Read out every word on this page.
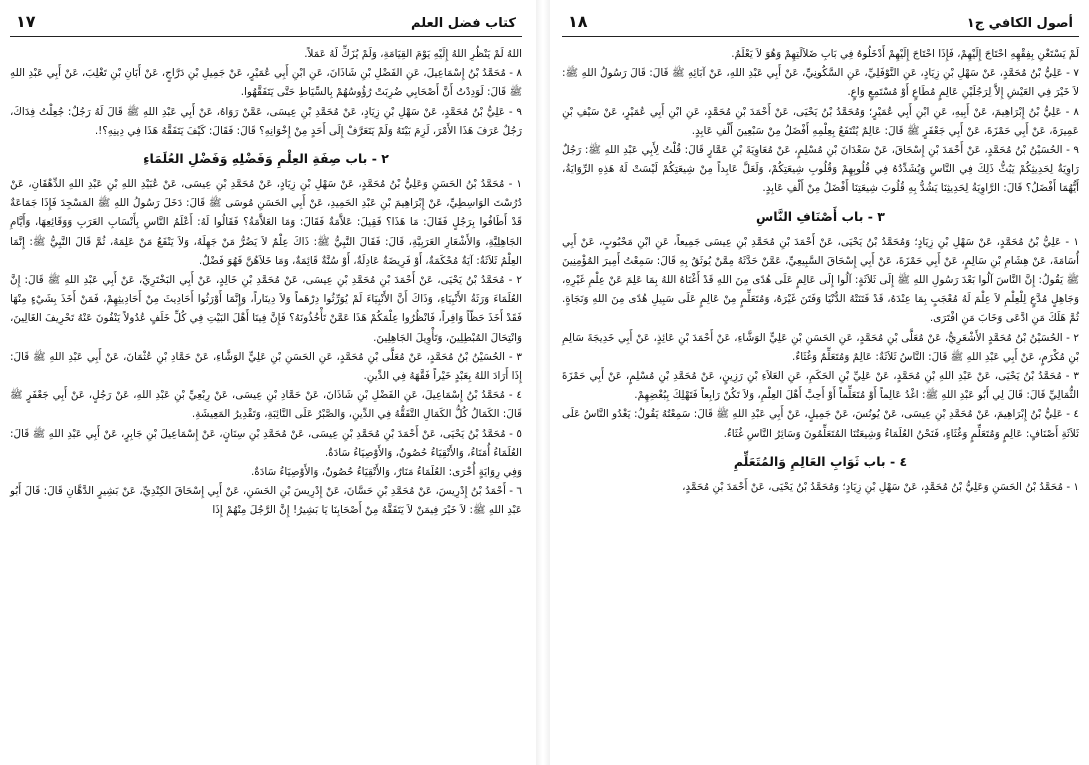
كتاب فضل العلم
١٧

اللهُ لَمْ يَنْظُرِ اللهُ إِلَيْهِ يَوْمَ القِيَامَةِ، وَلَمْ يُزَكِّ لَهُ عَمَلاً.

٨ - مُحَمَّدُ بْنُ إِسْمَاعِيلَ، عَنِ الفَضْلِ بْنِ شَاذَانَ، عَنِ ابْنِ أَبِي عُمَيْرٍ، عَنْ جَمِيلِ بْنِ دَرَّاجٍ، عَنْ أَبَانِ بْنِ تَغْلِبَ، عَنْ أَبِي عَبْدِ اللهِ ﷺ قَالَ: لَوَدِدْتُ أَنَّ أَصْحَابِي ضُرِبَتْ رُؤُوسُهُمْ بِالسِّيَاطِ حَتَّى يَتَفَقَّهُوا.

٩ - عَلِيُّ بْنُ مُحَمَّدٍ، عَنْ سَهْلِ بْنِ زِيَادٍ، عَنْ مُحَمَّدِ بْنِ عِيسَى، عَمَّنْ رَوَاهُ، عَنْ أَبِي عَبْدِ اللهِ ﷺ قَالَ لَهُ رَجُلٌ: جُعِلْتُ فِدَاكَ، رَجُلٌ عَرَفَ هَذَا الأَمْرَ، لَزِمَ بَيْتَهُ وَلَمْ يَتَعَرَّفْ إِلَى أَحَدٍ مِنْ إِخْوَانِهِ؟ قَالَ: فَقَالَ: كَيْفَ يَتَفَقَّهُ هَذَا فِي دِينِهِ؟!.

٢ - باب صِفَةِ العِلْمِ وَفَضْلِهِ وَفَضْلِ العُلَمَاءِ

١ - مُحَمَّدُ بْنُ الحَسَنِ وَعَلِيُّ بْنُ مُحَمَّدٍ، عَنْ سَهْلِ بْنِ زِيَادٍ، عَنْ مُحَمَّدِ بْنِ عِيسَى، عَنْ عُبَيْدِ اللهِ بْنِ عَبْدِ اللهِ الدِّهْقَانِ، عَنْ دُرُسْتَ الوَاسِطِيِّ، عَنْ إِبْرَاهِيمَ بْنِ عَبْدِ الحَمِيدِ، عَنْ أَبِي الحَسَنِ مُوسَى ﷺ قَالَ: دَخَلَ رَسُولُ اللهِ ﷺ المَسْجِدَ فَإِذَا جَمَاعَةٌ قَدْ أَطَافُوا بِرَجُلٍ فَقَالَ: مَا هَذَا؟ فَقِيلَ: عَلاَّمَةٌ فَقَالَ: وَمَا العَلاَّمَةُ؟ فَقَالُوا لَهُ: أَعْلَمُ النَّاسِ بِأَنْسَابِ العَرَبِ وَوَقَائِعِهَا، وَأَيَّامِ الجَاهِلِيَّةِ، وَالأَشْعَارِ العَرَبِيَّةِ، قَالَ: فَقَالَ النَّبِيُّ ﷺ: ذَاكَ عِلْمٌ لاَ يَضُرُّ مَنْ جَهِلَهُ، وَلاَ يَنْفَعُ مَنْ عَلِمَهُ، ثُمَّ قَالَ النَّبِيُّ ﷺ: إِنَّمَا العِلْمُ ثَلاَثَةٌ: آيَةٌ مُحْكَمَةٌ، أَوْ فَرِيضَةٌ عَادِلَةٌ، أَوْ سُنَّةٌ قَائِمَةٌ، وَمَا خَلاَهُنَّ فَهُوَ فَضْلٌ.

٢ - مُحَمَّدُ بْنُ يَحْيَى، عَنْ أَحْمَدَ بْنِ مُحَمَّدِ بْنِ عِيسَى، عَنْ مُحَمَّدِ بْنِ خَالِدٍ، عَنْ أَبِي البَخْتَرِيِّ، عَنْ أَبِي عَبْدِ اللهِ ﷺ قَالَ: إِنَّ العُلَمَاءَ وَرَثَةُ الأَنْبِيَاءِ، وَذَاكَ أَنَّ الأَنْبِيَاءَ لَمْ يُوَرِّثُوا دِرْهَماً وَلاَ دِينَاراً، وَإِنَّمَا أَوْرَثُوا أَحَادِيثَ مِنْ أَحَادِيثِهِمْ، فَمَنْ أَخَذَ بِشَيْءٍ مِنْهَا فَقَدْ أَخَذَ حَظّاً وَافِراً، فَانْظُرُوا عِلْمَكُمْ هَذَا عَمَّنْ تَأْخُذُونَهُ؟ فَإِنَّ فِينَا أَهْلَ البَيْتِ فِي كُلِّ خَلَفٍ عُدُولاً يَنْفُونَ عَنْهُ تَحْرِيفَ الغَالِينَ، وَانْتِحَالَ المُبْطِلِينَ، وَتَأْوِيلَ الجَاهِلِينَ.

٣ - الحُسَيْنُ بْنُ مُحَمَّدٍ، عَنْ مُعَلَّى بْنِ مُحَمَّدٍ، عَنِ الحَسَنِ بْنِ عَلِيٍّ الوَشَّاءِ، عَنْ حَمَّادِ بْنِ عُثْمَانَ، عَنْ أَبِي عَبْدِ اللهِ ﷺ قَالَ: إِذَا أَرَادَ اللهُ بِعَبْدٍ خَيْراً فَقَّهَهُ فِي الدِّينِ.

٤ - مُحَمَّدُ بْنُ إِسْمَاعِيلَ، عَنِ الفَضْلِ بْنِ شَاذَانَ، عَنْ حَمَّادِ بْنِ عِيسَى، عَنْ رِبْعِيِّ بْنِ عَبْدِ اللهِ، عَنْ رَجُلٍ، عَنْ أَبِي جَعْفَرٍ ﷺ قَالَ: الكَمَالُ كُلُّ الكَمَالِ التَّفَقُّهُ فِي الدِّينِ، وَالصَّبْرُ عَلَى النَّائِبَةِ، وَتَقْدِيرُ المَعِيشَةِ.

٥ - مُحَمَّدُ بْنُ يَحْيَى، عَنْ أَحْمَدَ بْنِ مُحَمَّدِ بْنِ عِيسَى، عَنْ مُحَمَّدِ بْنِ سِنَانٍ، عَنْ إِسْمَاعِيلَ بْنِ جَابِرٍ، عَنْ أَبِي عَبْدِ اللهِ ﷺ قَالَ: العُلَمَاءُ أُمَنَاءُ، وَالأَتْقِيَاءُ حُصُونٌ، وَالأَوْصِيَاءُ سَادَةٌ.

وَفِي رِوَايَةٍ أُخْرَى: العُلَمَاءُ مَنَارٌ، وَالأَتْقِيَاءُ حُصُونٌ، وَالأَوْصِيَاءُ سَادَةٌ.

٦ - أَحْمَدُ بْنُ إِدْرِيسَ، عَنْ مُحَمَّدِ بْنِ حَسَّانَ، عَنْ إِدْرِيسَ بْنِ الحَسَنِ، عَنْ أَبِي إِسْحَاقَ الكِنْدِيِّ، عَنْ بَشِيرٍ الدَّهَّانِ قَالَ: قَالَ أَبُو عَبْدِ اللهِ ﷺ: لاَ خَيْرَ فِيمَنْ لاَ يَتَفَقَّهُ مِنْ أَصْحَابِنَا يَا بَشِيرُ! إِنَّ الرَّجُلَ مِنْهُمْ إِذَا

أصول الكافي ج١
١٨

لَمْ يَسْتَغْنِ بِفِقْهِهِ احْتَاجَ إِلَيْهِمْ، فَإِذَا احْتَاجَ إِلَيْهِمْ أَدْخَلُوهُ فِي بَابِ ضَلاَلَتِهِمْ وَهُوَ لاَ يَعْلَمُ.

٧ - عَلِيُّ بْنُ مُحَمَّدٍ، عَنْ سَهْلِ بْنِ زِيَادٍ، عَنِ النَّوْفَلِيِّ، عَنِ السَّكُونِيِّ، عَنْ أَبِي عَبْدِ اللهِ، عَنْ آبَائِهِ ﷺ قَالَ: قَالَ رَسُولُ اللهِ ﷺ: لاَ خَيْرَ فِي العَيْشِ إِلاَّ لِرَجُلَيْنِ عَالِمٍ مُطَاعٍ أَوْ مُسْتَمِعٍ وَاعٍ.

٨ - عَلِيُّ بْنُ إِبْرَاهِيمَ، عَنْ أَبِيهِ، عَنِ ابْنِ أَبِي عُمَيْرٍ؛ وَمُحَمَّدُ بْنُ يَحْيَى، عَنْ أَحْمَدَ بْنِ مُحَمَّدٍ، عَنِ ابْنِ أَبِي عُمَيْرٍ، عَنْ سَيْفِ بْنِ عَمِيرَةَ، عَنْ أَبِي حَمْزَةَ، عَنْ أَبِي جَعْفَرٍ ﷺ قَالَ: عَالِمٌ يُنْتَفَعُ بِعِلْمِهِ أَفْضَلُ مِنْ سَبْعِينَ أَلْفِ عَابِدٍ.

٩ - الحُسَيْنُ بْنُ مُحَمَّدٍ، عَنْ أَحْمَدَ بْنِ إِسْحَاقَ، عَنْ سَعْدَانَ بْنِ مُسْلِمٍ، عَنْ مُعَاوِيَةَ بْنِ عَمَّارٍ قَالَ: قُلْتُ لِأَبِي عَبْدِ اللهِ ﷺ: رَجُلٌ رَاوِيَةٌ لِحَدِيثِكُمْ يَبُثُّ ذَلِكَ فِي النَّاسِ وَيُشَدِّدُهُ فِي قُلُوبِهِمْ وَقُلُوبِ شِيعَتِكُمْ، وَلَعَلَّ عَابِداً مِنْ شِيعَتِكُمْ لَيْسَتْ لَهُ هَذِهِ الرِّوَايَةُ، أَيُّهُمَا أَفْضَلُ؟ قَالَ: الرَّاوِيَةُ لِحَدِيثِنَا يَشُدُّ بِهِ قُلُوبَ شِيعَتِنَا أَفْضَلُ مِنْ أَلْفِ عَابِدٍ.

٣ - باب أَصْنَافِ النَّاسِ

١ - عَلِيُّ بْنُ مُحَمَّدٍ، عَنْ سَهْلِ بْنِ زِيَادٍ؛ وَمُحَمَّدُ بْنُ يَحْيَى، عَنْ أَحْمَدَ بْنِ مُحَمَّدِ بْنِ عِيسَى جَمِيعاً، عَنِ ابْنِ مَحْبُوبٍ، عَنْ أَبِي أُسَامَةَ، عَنْ هِشَامِ بْنِ سَالِمٍ، عَنْ أَبِي حَمْزَةَ، عَنْ أَبِي إِسْحَاقَ السَّبِيعِيِّ، عَمَّنْ حَدَّثَهُ مِمَّنْ يُوثَقُ بِهِ قَالَ: سَمِعْتُ أَمِيرَ المُؤْمِنِينَ ﷺ يَقُولُ: إِنَّ النَّاسَ آلُوا بَعْدَ رَسُولِ اللهِ ﷺ إِلَى ثَلاَثَةٍ: آلُوا إِلَى عَالِمٍ عَلَى هُدًى مِنَ اللهِ قَدْ أَغْنَاهُ اللهُ بِمَا عَلِمَ عَنْ عِلْمِ غَيْرِهِ، وَجَاهِلٍ مُدَّعٍ لِلْعِلْمِ لاَ عِلْمَ لَهُ مُعْجَبٍ بِمَا عِنْدَهُ، قَدْ فَتَنَتْهُ الدُّنْيَا وَفَتَنَ غَيْرَهُ، وَمُتَعَلِّمٍ مِنْ عَالِمٍ عَلَى سَبِيلِ هُدًى مِنَ اللهِ وَنَجَاةٍ. ثُمَّ هَلَكَ مَنِ ادَّعَى وَخَابَ مَنِ افْتَرَى.

٢ - الحُسَيْنُ بْنُ مُحَمَّدٍ الأَشْعَرِيُّ، عَنْ مُعَلَّى بْنِ مُحَمَّدٍ، عَنِ الحَسَنِ بْنِ عَلِيٍّ الوَشَّاءِ، عَنْ أَحْمَدَ بْنِ عَائِذٍ، عَنْ أَبِي خَدِيجَةَ سَالِمِ بْنِ مُكْرَمٍ، عَنْ أَبِي عَبْدِ اللهِ ﷺ قَالَ: النَّاسُ ثَلاَثَةٌ: عَالِمٌ وَمُتَعَلِّمٌ وَغُثَاءٌ.

٣ - مُحَمَّدُ بْنُ يَحْيَى، عَنْ عَبْدِ اللهِ بْنِ مُحَمَّدٍ، عَنْ عَلِيِّ بْنِ الحَكَمِ، عَنِ العَلاَءِ بْنِ رَزِينٍ، عَنْ مُحَمَّدِ بْنِ مُسْلِمٍ، عَنْ أَبِي حَمْزَةَ الثُّمَالِيِّ قَالَ: قَالَ لِي أَبُو عَبْدِ اللهِ ﷺ: اغْدُ عَالِماً أَوْ مُتَعَلِّماً أَوْ أَحِبَّ أَهْلَ العِلْمِ، وَلاَ تَكُنْ رَابِعاً فَتَهْلِكَ بِبُغْضِهِمْ.

٤ - عَلِيُّ بْنُ إِبْرَاهِيمَ، عَنْ مُحَمَّدِ بْنِ عِيسَى، عَنْ يُونُسَ، عَنْ جَمِيلٍ، عَنْ أَبِي عَبْدِ اللهِ ﷺ قَالَ: سَمِعْتُهُ يَقُولُ: يَغْدُو النَّاسُ عَلَى ثَلاَثَةِ أَصْنَافٍ: عَالِمٍ وَمُتَعَلِّمٍ وَغُثَاءٍ، فَنَحْنُ العُلَمَاءُ وَشِيعَتُنَا المُتَعَلِّمُونَ وَسَائِرُ النَّاسِ غُثَاءٌ.

٤ - باب ثَوَابِ العَالِمِ وَالمُتَعَلِّمِ

١ - مُحَمَّدُ بْنُ الحَسَنِ وَعَلِيُّ بْنُ مُحَمَّدٍ، عَنْ سَهْلِ بْنِ زِيَادٍ؛ وَمُحَمَّدُ بْنُ يَحْيَى، عَنْ أَحْمَدَ بْنِ مُحَمَّدٍ،
